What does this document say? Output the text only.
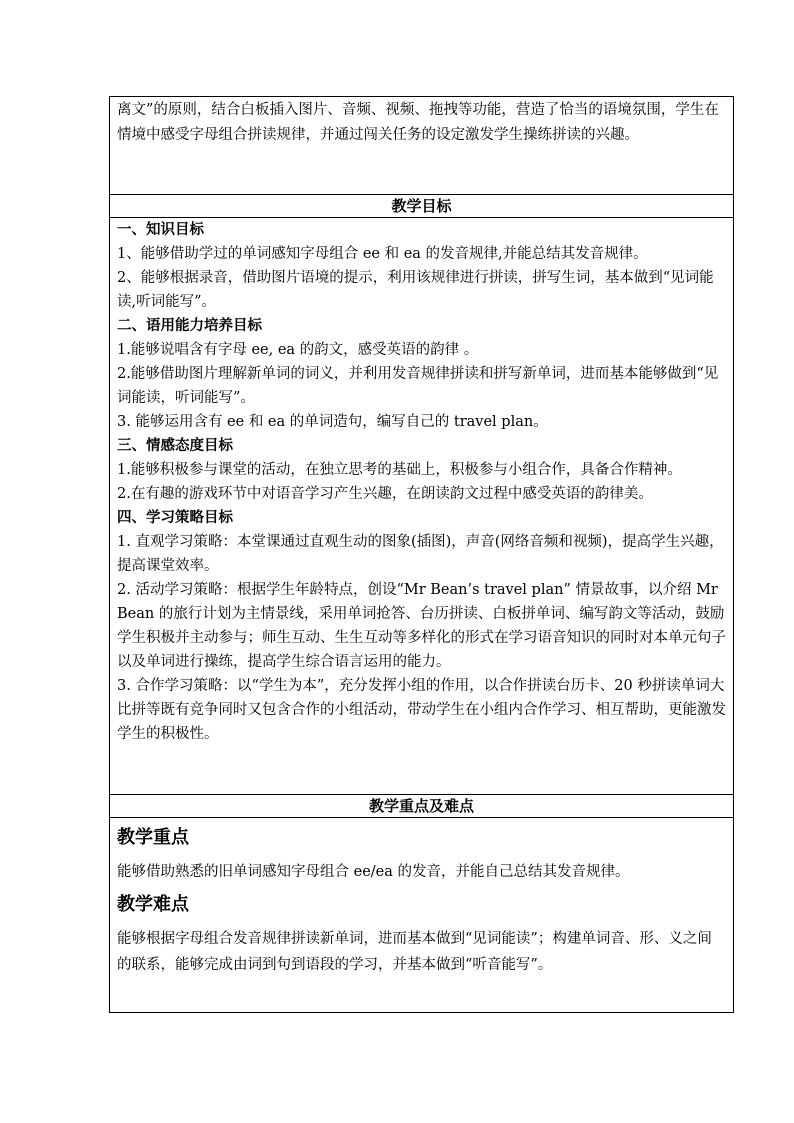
离文”的原则，结合白板插入图片、音频、视频、拖拽等功能，营造了恰当的语境氛围，学生在情境中感受字母组合拼读规律，并通过闯关任务的设定激发学生操练拼读的兴趣。

教学目标

一、知识目标

1、能够借助学过的单词感知字母组合 ee 和 ea 的发音规律,并能总结其发音规律。

2、能够根据录音，借助图片语境的提示，利用该规律进行拼读，拼写生词，基本做到“见词能读,听词能写”。

二、语用能力培养目标

1.能够说唱含有字母 ee, ea 的韵文，感受英语的韵律 。

2.能够借助图片理解新单词的词义，并利用发音规律拼读和拼写新单词，进而基本能够做到“见词能读，听词能写”。

3. 能够运用含有 ee 和 ea 的单词造句，编写自己的 travel plan。

三、情感态度目标

1.能够积极参与课堂的活动，在独立思考的基础上，积极参与小组合作，具备合作精神。

2.在有趣的游戏环节中对语音学习产生兴趣，在朗读韵文过程中感受英语的韵律美。

四、学习策略目标

1. 直观学习策略：本堂课通过直观生动的图象(插图)，声音(网络音频和视频)，提高学生兴趣，提高课堂效率。

2. 活动学习策略：根据学生年龄特点，创设“Mr Bean’s travel plan” 情景故事，以介绍 Mr Bean 的旅行计划为主情景线，采用单词抢答、台历拼读、白板拼单词、编写韵文等活动，鼓励学生积极并主动参与；师生互动、生生互动等多样化的形式在学习语音知识的同时对本单元句子以及单词进行操练，提高学生综合语言运用的能力。

3. 合作学习策略：以“学生为本”，充分发挥小组的作用，以合作拼读台历卡、20 秒拼读单词大比拼等既有竞争同时又包含合作的小组活动，带动学生在小组内合作学习、相互帮助，更能激发学生的积极性。

教学重点及难点

教学重点

能够借助熟悉的旧单词感知字母组合 ee/ea 的发音，并能自己总结其发音规律。

教学难点

能够根据字母组合发音规律拼读新单词，进而基本做到“见词能读”；构建单词音、形、义之间的联系，能够完成由词到句到语段的学习，并基本做到“听音能写”。
